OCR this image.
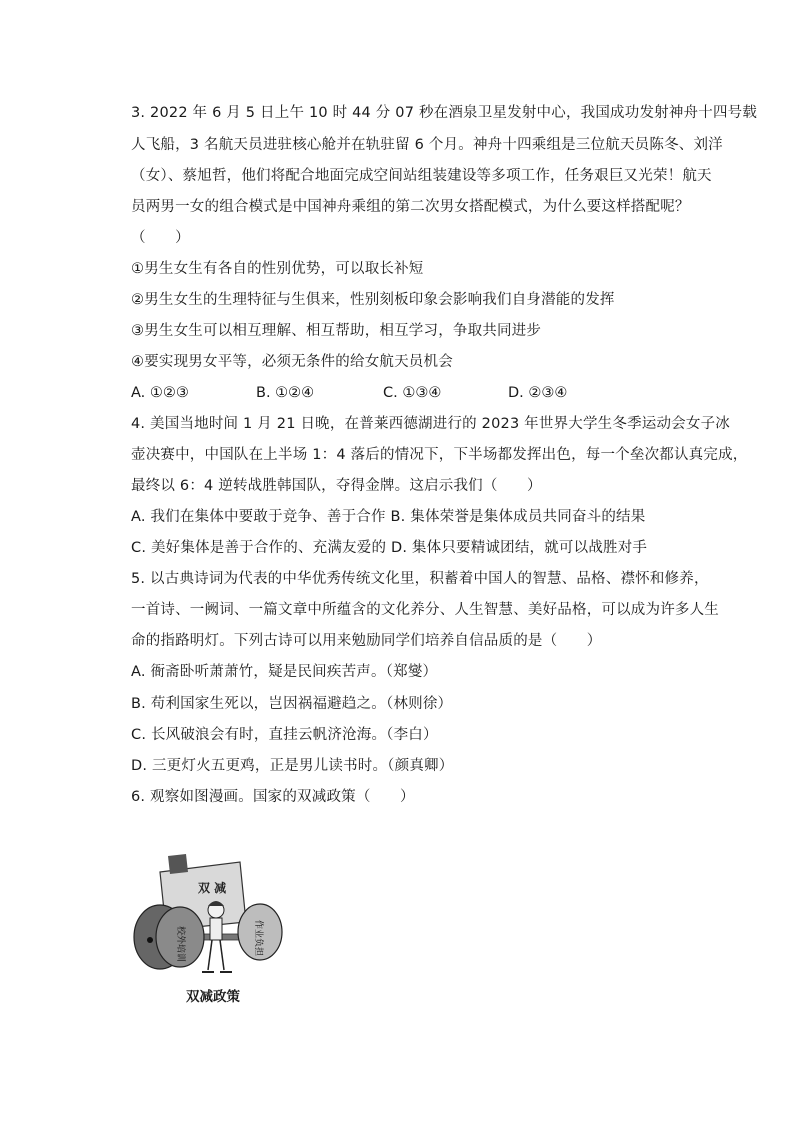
3. 2022 年 6 月 5 日上午 10 时 44 分 07 秒在酒泉卫星发射中心，我国成功发射神舟十四号载
人飞船，3 名航天员进驻核心舱并在轨驻留 6 个月。神舟十四乘组是三位航天员陈冬、刘洋
（女）、蔡旭哲，他们将配合地面完成空间站组装建设等多项工作，任务艰巨又光荣！航天
员两男一女的组合模式是中国神舟乘组的第二次男女搭配模式，为什么要这样搭配呢？
（　　）
①男生女生有各自的性别优势，可以取长补短
②男生女生的生理特征与生俱来，性别刻板印象会影响我们自身潜能的发挥
③男生女生可以相互理解、相互帮助，相互学习，争取共同进步
④要实现男女平等，必须无条件的给女航天员机会
A. ①②③	B. ①②④	C. ①③④	D. ②③④
4. 美国当地时间 1 月 21 日晚，在普莱西德湖进行的 2023 年世界大学生冬季运动会女子冰
壶决赛中，中国队在上半场 1：4 落后的情况下，下半场都发挥出色，每一个垒次都认真完成，
最终以 6：4 逆转战胜韩国队，夺得金牌。这启示我们（　　）
A. 我们在集体中要敢于竞争、善于合作 B. 集体荣誉是集体成员共同奋斗的结果
C. 美好集体是善于合作的、充满友爱的 D. 集体只要精诚团结，就可以战胜对手
5. 以古典诗词为代表的中华优秀传统文化里，积蓄着中国人的智慧、品格、襟怀和修养，
一首诗、一阙词、一篇文章中所蕴含的文化养分、人生智慧、美好品格，可以成为许多人生
命的指路明灯。下列古诗可以用来勉励同学们培养自信品质的是（　　）
A. 衙斋卧听萧萧竹，疑是民间疾苦声。（郑燮）
B. 苟利国家生死以，岂因祸福避趋之。（林则徐）
C. 长风破浪会有时，直挂云帆济沧海。（李白）
D. 三更灯火五更鸡，正是男儿读书时。（颜真卿）
6. 观察如图漫画。国家的双减政策（　　）
双 减
校外培训	作业负担
双减政策
